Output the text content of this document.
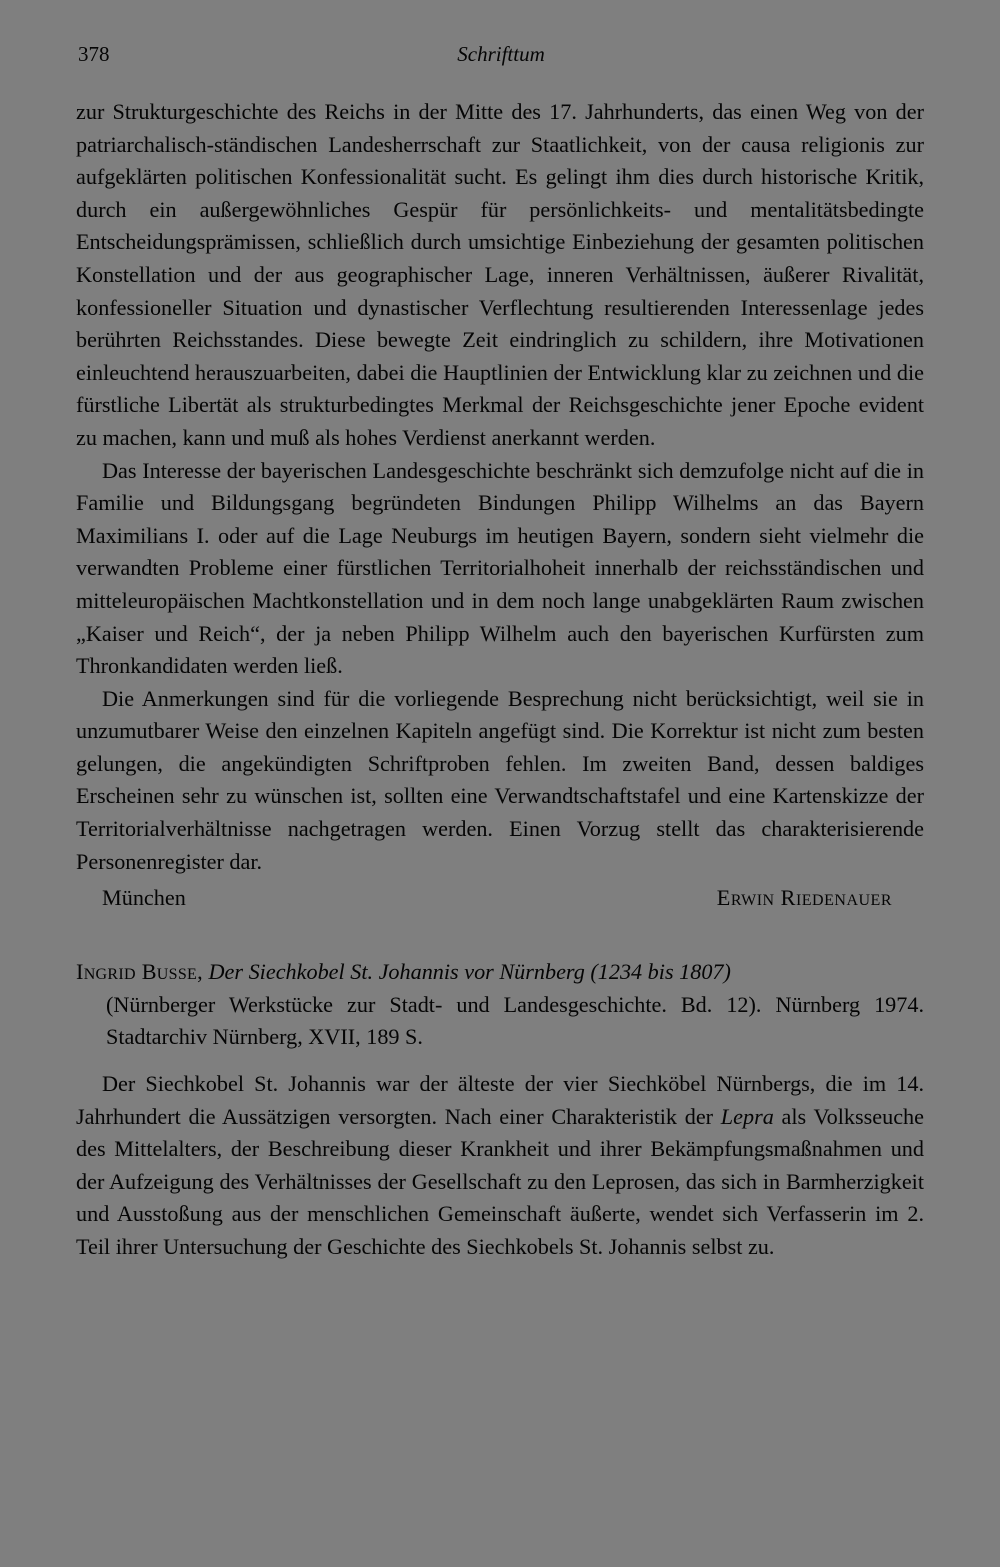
378	Schrifttum

zur Strukturgeschichte des Reichs in der Mitte des 17. Jahrhunderts, das einen Weg von der patriarchalisch-ständischen Landesherrschaft zur Staatlichkeit, von der causa religionis zur aufgeklärten politischen Konfessionalität sucht. Es gelingt ihm dies durch historische Kritik, durch ein außergewöhnliches Gespür für persönlichkeits- und mentalitätsbedingte Entscheidungsprämissen, schließlich durch umsichtige Einbeziehung der gesamten politischen Konstellation und der aus geographischer Lage, inneren Verhältnissen, äußerer Rivalität, konfessioneller Situation und dynastischer Verflechtung resultierenden Interessenlage jedes berührten Reichsstandes. Diese bewegte Zeit eindringlich zu schildern, ihre Motivationen einleuchtend herauszuarbeiten, dabei die Hauptlinien der Entwicklung klar zu zeichnen und die fürstliche Libertät als strukturbedingtes Merkmal der Reichsgeschichte jener Epoche evident zu machen, kann und muß als hohes Verdienst anerkannt werden.

Das Interesse der bayerischen Landesgeschichte beschränkt sich demzufolge nicht auf die in Familie und Bildungsgang begründeten Bindungen Philipp Wilhelms an das Bayern Maximilians I. oder auf die Lage Neuburgs im heutigen Bayern, sondern sieht vielmehr die verwandten Probleme einer fürstlichen Territorialhoheit innerhalb der reichsständischen und mitteleuropäischen Machtkonstellation und in dem noch lange unabgeklärten Raum zwischen „Kaiser und Reich“, der ja neben Philipp Wilhelm auch den bayerischen Kurfürsten zum Thronkandidaten werden ließ.

Die Anmerkungen sind für die vorliegende Besprechung nicht berücksichtigt, weil sie in unzumutbarer Weise den einzelnen Kapiteln angefügt sind. Die Korrektur ist nicht zum besten gelungen, die angekündigten Schriftproben fehlen. Im zweiten Band, dessen baldiges Erscheinen sehr zu wünschen ist, sollten eine Verwandtschaftstafel und eine Kartenskizze der Territorialverhältnisse nachgetragen werden. Einen Vorzug stellt das charakterisierende Personenregister dar.

München	Erwin Riedenauer
Ingrid Busse, Der Siechkobel St. Johannis vor Nürnberg (1234 bis 1807)
(Nürnberger Werkstücke zur Stadt- und Landesgeschichte. Bd. 12). Nürnberg 1974. Stadtarchiv Nürnberg, XVII, 189 S.

Der Siechkobel St. Johannis war der älteste der vier Siechköbel Nürnbergs, die im 14. Jahrhundert die Aussätzigen versorgten. Nach einer Charakteristik der Lepra als Volksseuche des Mittelalters, der Beschreibung dieser Krankheit und ihrer Bekämpfungsmaßnahmen und der Aufzeigung des Verhältnisses der Gesellschaft zu den Leprosen, das sich in Barmherzigkeit und Ausstoßung aus der menschlichen Gemeinschaft äußerte, wendet sich Verfasserin im 2. Teil ihrer Untersuchung der Geschichte des Siechkobels St. Johannis selbst zu.
